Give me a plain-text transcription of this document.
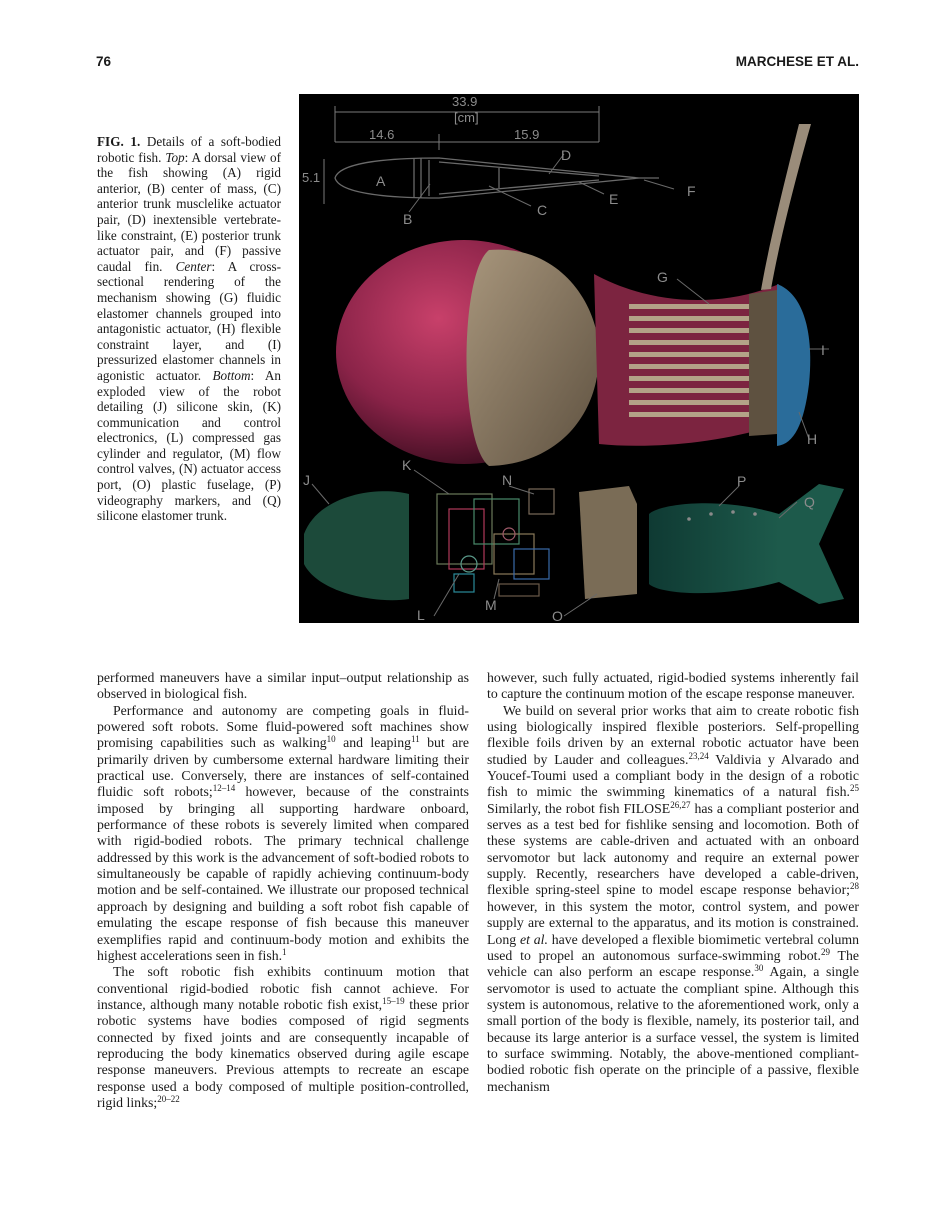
76	MARCHESE ET AL.
FIG. 1. Details of a soft-bodied robotic fish. Top: A dorsal view of the fish showing (A) rigid anterior, (B) center of mass, (C) anterior trunk musclelike actuator pair, (D) inextensible vertebrate-like constraint, (E) posterior trunk actuator pair, and (F) passive caudal fin. Center: A cross-sectional rendering of the mechanism showing (G) fluidic elastomer channels grouped into antagonistic actuator, (H) flexible constraint layer, and (I) pressurized elastomer channels in agonistic actuator. Bottom: An exploded view of the robot detailing (J) silicone skin, (K) communication and control electronics, (L) compressed gas cylinder and regulator, (M) flow control valves, (N) actuator access port, (O) plastic fuselage, (P) videography markers, and (Q) silicone elastomer trunk.
33.9
[cm]
14.6	15.9
5.1	A
B
C
D
E	F
G
H
I
J
K
L
M
N
O
P
Q

performed maneuvers have a similar input–output relationship as observed in biological fish.

Performance and autonomy are competing goals in fluid-powered soft robots. Some fluid-powered soft machines show promising capabilities such as walking$^{10}$ and leaping$^{11}$ but are primarily driven by cumbersome external hardware limiting their practical use. Conversely, there are instances of self-contained fluidic soft robots;$^{12-14}$ however, because of the constraints imposed by bringing all supporting hardware onboard, performance of these robots is severely limited when compared with rigid-bodied robots. The primary technical challenge addressed by this work is the advancement of soft-bodied robots to simultaneously be capable of rapidly achieving continuum-body motion and be self-contained. We illustrate our proposed technical approach by designing and building a soft robot fish capable of emulating the escape response of fish because this maneuver exemplifies rapid and continuum-body motion and exhibits the highest accelerations seen in fish.$^1$

The soft robotic fish exhibits continuum motion that conventional rigid-bodied robotic fish cannot achieve. For instance, although many notable robotic fish exist,$^{15-19}$ these prior robotic systems have bodies composed of rigid segments connected by fixed joints and are consequently incapable of reproducing the body kinematics observed during agile escape response maneuvers. Previous attempts to recreate an escape response used a body composed of multiple position-controlled, rigid links;$^{20-22}$

however, such fully actuated, rigid-bodied systems inherently fail to capture the continuum motion of the escape response maneuver.

We build on several prior works that aim to create robotic fish using biologically inspired flexible posteriors. Self-propelling flexible foils driven by an external robotic actuator have been studied by Lauder and colleagues.$^{23,24}$ Valdivia y Alvarado and Youcef-Toumi used a compliant body in the design of a robotic fish to mimic the swimming kinematics of a natural fish.$^{25}$ Similarly, the robot fish FILOSE$^{26,27}$ has a compliant posterior and serves as a test bed for fishlike sensing and locomotion. Both of these systems are cable-driven and actuated with an onboard servomotor but lack autonomy and require an external power supply. Recently, researchers have developed a cable-driven, flexible spring-steel spine to model escape response behavior;$^{28}$ however, in this system the motor, control system, and power supply are external to the apparatus, and its motion is constrained. Long et al. have developed a flexible biomimetic vertebral column used to propel an autonomous surface-swimming robot.$^{29}$ The vehicle can also perform an escape response.$^{30}$ Again, a single servomotor is used to actuate the compliant spine. Although this system is autonomous, relative to the aforementioned work, only a small portion of the body is flexible, namely, its posterior tail, and because its large anterior is a surface vessel, the system is limited to surface swimming. Notably, the above-mentioned compliant-bodied robotic fish operate on the principle of a passive, flexible mechanism
